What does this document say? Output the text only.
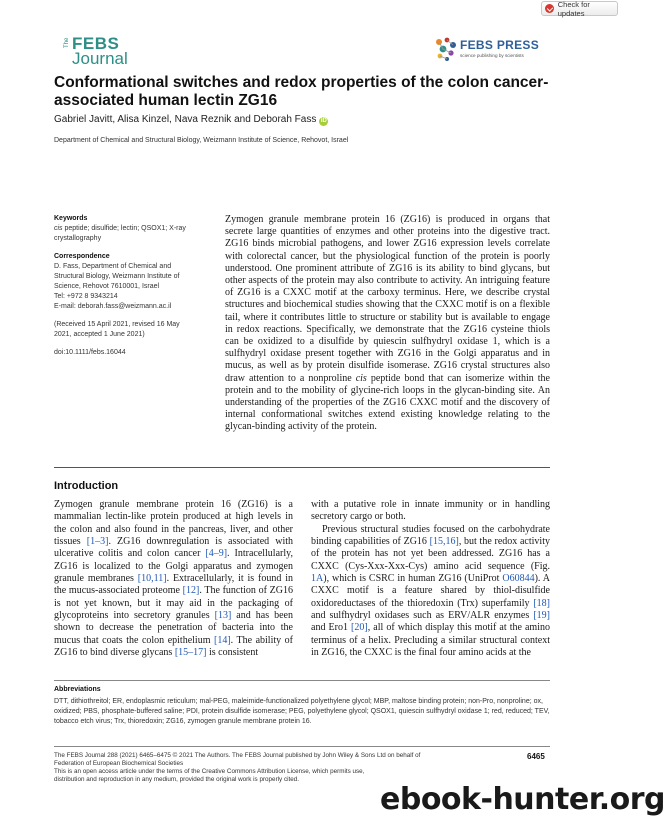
Check for updates
The FEBS
Journal
FEBS PRESS
science publishing by scientists
Conformational switches and redox properties of the colon cancer-associated human lectin ZG16
Gabriel Javitt, Alisa Kinzel, Nava Reznik and Deborah Fass iD
Department of Chemical and Structural Biology, Weizmann Institute of Science, Rehovot, Israel
Keywords
cis peptide; disulfide; lectin; QSOX1; X-ray crystallography
Correspondence
D. Fass, Department of Chemical and
Structural Biology, Weizmann Institute of
Science, Rehovot 7610001, Israel
Tel: +972 8 9343214
E-mail: deborah.fass@weizmann.ac.il
(Received 15 April 2021, revised 16 May
2021, accepted 1 June 2021)
doi:10.1111/febs.16044
Zymogen granule membrane protein 16 (ZG16) is produced in organs that secrete large quantities of enzymes and other proteins into the digestive tract. ZG16 binds microbial pathogens, and lower ZG16 expression levels correlate with colorectal cancer, but the physiological function of the protein is poorly understood. One prominent attribute of ZG16 is its ability to bind glycans, but other aspects of the protein may also contribute to activity. An intriguing feature of ZG16 is a CXXC motif at the carboxy terminus. Here, we describe crystal structures and biochemical studies showing that the CXXC motif is on a flexible tail, where it contributes little to structure or stability but is available to engage in redox reactions. Specifically, we demonstrate that the ZG16 cysteine thiols can be oxidized to a disulfide by quiescin sulfhydryl oxidase 1, which is a sulfhydryl oxidase present together with ZG16 in the Golgi apparatus and in mucus, as well as by protein disulfide isomerase. ZG16 crystal structures also draw attention to a nonproline cis peptide bond that can isomerize within the protein and to the mobility of glycine-rich loops in the glycan-binding site. An understanding of the properties of the ZG16 CXXC motif and the discovery of internal conformational switches extend existing knowledge relating to the glycan-binding activity of the protein.
Introduction

Zymogen granule membrane protein 16 (ZG16) is a mammalian lectin-like protein produced at high levels in the colon and also found in the pancreas, liver, and other tissues [1–3]. ZG16 downregulation is associated with ulcerative colitis and colon cancer [4–9]. Intracellularly, ZG16 is localized to the Golgi apparatus and zymogen granule membranes [10,11]. Extracellularly, it is found in the mucus-associated proteome [12]. The function of ZG16 is not yet known, but it may aid in the packaging of glycoproteins into secretory granules [13] and has been shown to decrease the penetration of bacteria into the mucus that coats the colon epithelium [14]. The ability of ZG16 to bind diverse glycans [15–17] is consistent

with a putative role in innate immunity or in handling secretory cargo or both.

Previous structural studies focused on the carbohydrate binding capabilities of ZG16 [15,16], but the redox activity of the protein has not yet been addressed. ZG16 has a CXXC (Cys-Xxx-Xxx-Cys) amino acid sequence (Fig. 1A), which is CSRC in human ZG16 (UniProt O60844). A CXXC motif is a feature shared by thiol-disulfide oxidoreductases of the thioredoxin (Trx) superfamily [18] and sulfhydryl oxidases such as ERV/ALR enzymes [19] and Ero1 [20], all of which display this motif at the amino terminus of a helix. Precluding a similar structural context in ZG16, the CXXC is the final four amino acids at the

Abbreviations
DTT, dithiothreitol; ER, endoplasmic reticulum; mal-PEG, maleimide-functionalized polyethylene glycol; MBP, maltose binding protein; non-Pro, nonproline; ox, oxidized; PBS, phosphate-buffered saline; PDI, protein disulfide isomerase; PEG, polyethylene glycol; QSOX1, quiescin sulfhydryl oxidase 1; red, reduced; TEV, tobacco etch virus; Trx, thioredoxin; ZG16, zymogen granule membrane protein 16.
The FEBS Journal 288 (2021) 6465–6475 © 2021 The Authors. The FEBS Journal published by John Wiley & Sons Ltd on behalf of
Federation of European Biochemical Societies
This is an open access article under the terms of the Creative Commons Attribution License, which permits use,
distribution and reproduction in any medium, provided the original work is properly cited.
6465
ebook-hunter.org
